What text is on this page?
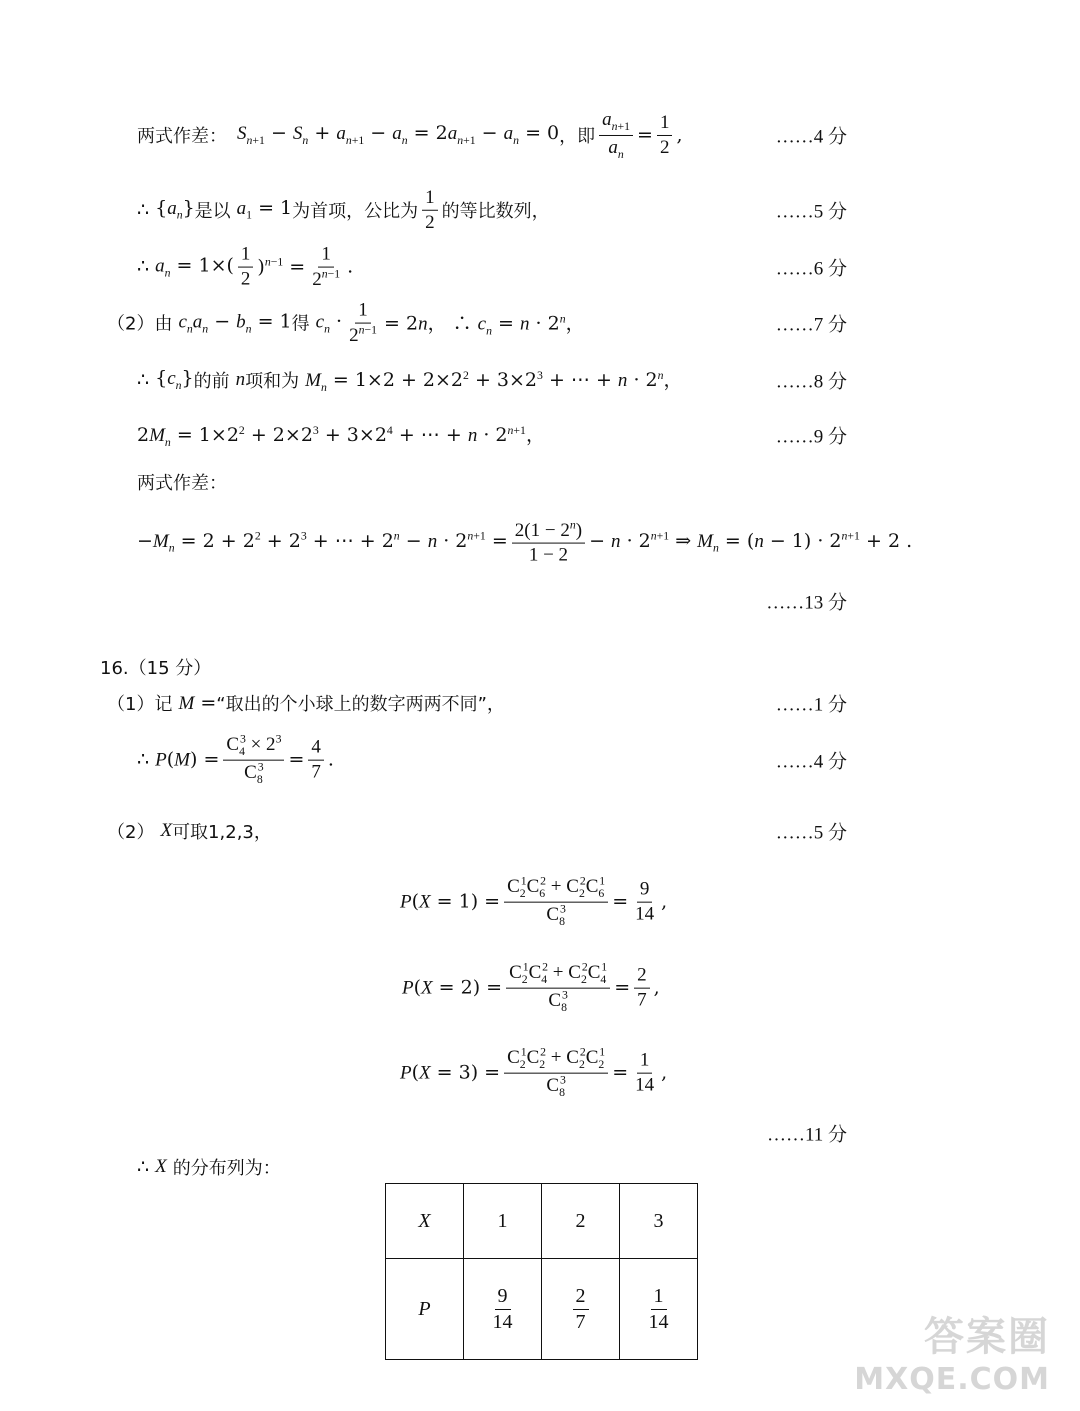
两式作差： $S_{n+1} - S_n + a_{n+1} - a_n = 2a_{n+1} - a_n = 0$ ，即 $\frac{a_{n+1}}{a_n} = \frac{1}{2}$ ,	……4 分
∴ $\{a_n\}$ 是以 $a_1 = 1$ 为首项，公比为 $\frac{1}{2}$ 的等比数列，	……5 分
∴ $a_n = 1\times( \frac{1}{2} )^{n-1} = \frac{1}{2^{n-1}}$ .	……6 分
（2）由 $c_na_n - b_n = 1$ 得 $c_n \cdot \frac{1}{2^{n-1}} = 2n$， ∴ $c_n = n \cdot 2^n$，	……7 分
∴ $\{c_n\}$ 的前 n 项和为 $M_n = 1\times 2 + 2\times 2^2 + 3\times 2^3$ + ⋯ + $n \cdot 2^n$，	……8 分
$2M_n = 1\times 2^2 + 2\times 2^3 + 3\times 2^4$ + ⋯ + $n \cdot 2^{n+1}$，	……9 分
两式作差：
$-M_n = 2 + 2^2 + 2^3$ + ⋯ + $2^n - n \cdot 2^{n+1} = \frac{2(1 - 2^n)}{1 - 2} - n \cdot 2^{n+1}$ ⇒ $M_n = (n - 1) \cdot 2^{n+1} + 2$ .
……13 分
16.（15 分）
（1）记 M = “取出的个小球上的数字两两不同”，	……1 分
∴ $P(M) = \frac{C_4^3 \times 2^3}{C_8^3} = \frac{4}{7}$ .	……4 分
（2） X 可取1,2,3，	……5 分
$P(X = 1) = \frac{C_2^1C_6^2 + C_2^2C_6^1}{C_8^3} = \frac{9}{14}$ ,
$P(X = 2) = \frac{C_2^1C_4^2 + C_2^2C_4^1}{C_8^3} = \frac{2}{7}$ ,
$P(X = 3) = \frac{C_2^1C_2^2 + C_2^2C_2^1}{C_8^3} = \frac{1}{14}$ ,
……11 分
∴ X 的分布列为：
X	1	2	3
P	$\frac{9}{14}$	$\frac{2}{7}$	$\frac{1}{14}$
答案圈
MXQE.COM
